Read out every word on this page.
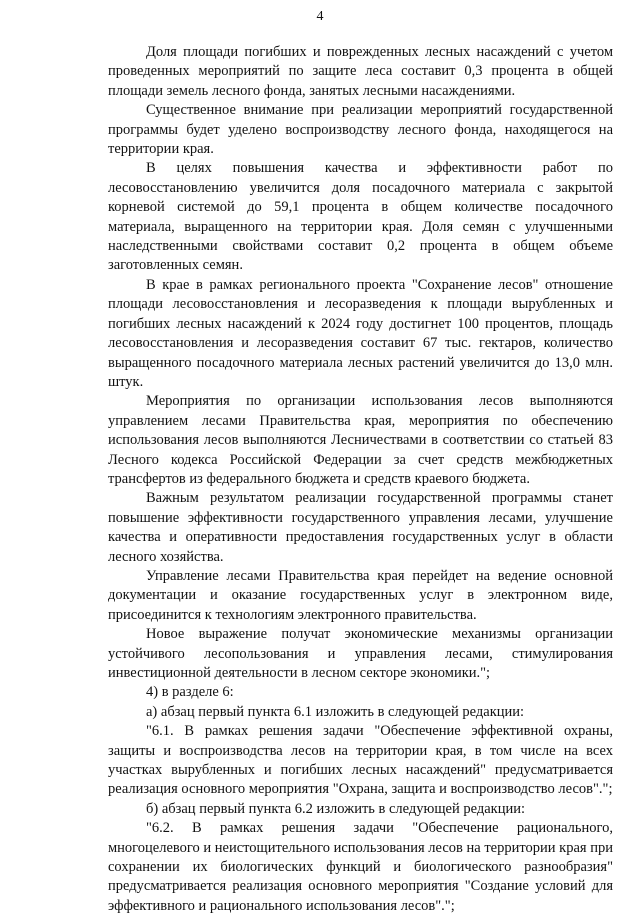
4

Доля площади погибших и поврежденных лесных насаждений с учетом проведенных мероприятий по защите леса составит 0,3 процента в общей площади земель лесного фонда, занятых лесными насаждениями.

Существенное внимание при реализации мероприятий государственной программы будет уделено воспроизводству лесного фонда, находящегося на территории края.

В целях повышения качества и эффективности работ по лесовосстановлению увеличится доля посадочного материала с закрытой корневой системой до 59,1 процента в общем количестве посадочного материала, выращенного на территории края. Доля семян с улучшенными наследственными свойствами составит 0,2 процента в общем объеме заготовленных семян.

В крае в рамках регионального проекта "Сохранение лесов" отношение площади лесовосстановления и лесоразведения к площади вырубленных и погибших лесных насаждений к 2024 году достигнет 100 процентов, площадь лесовосстановления и лесоразведения составит 67 тыс. гектаров, количество выращенного посадочного материала лесных растений увеличится до 13,0 млн. штук.

Мероприятия по организации использования лесов выполняются управлением лесами Правительства края, мероприятия по обеспечению использования лесов выполняются Лесничествами в соответствии со статьей 83 Лесного кодекса Российской Федерации за счет средств межбюджетных трансфертов из федерального бюджета и средств краевого бюджета.

Важным результатом реализации государственной программы станет повышение эффективности государственного управления лесами, улучшение качества и оперативности предоставления государственных услуг в области лесного хозяйства.

Управление лесами Правительства края перейдет на ведение основной документации и оказание государственных услуг в электронном виде, присоединится к технологиям электронного правительства.

Новое выражение получат экономические механизмы организации устойчивого лесопользования и управления лесами, стимулирования инвестиционной деятельности в лесном секторе экономики.";

4) в разделе 6:

а) абзац первый пункта 6.1 изложить в следующей редакции:

"6.1. В рамках решения задачи "Обеспечение эффективной охраны, защиты и воспроизводства лесов на территории края, в том числе на всех участках вырубленных и погибших лесных насаждений" предусматривается реализация основного мероприятия "Охрана, защита и воспроизводство лесов".";

б) абзац первый пункта 6.2 изложить в следующей редакции:

"6.2. В рамках решения задачи "Обеспечение рационального, многоцелевого и неистощительного использования лесов на территории края при сохранении их биологических функций и биологического разнообразия" предусматривается реализация основного мероприятия "Создание условий для эффективного и рационального использования лесов".";
